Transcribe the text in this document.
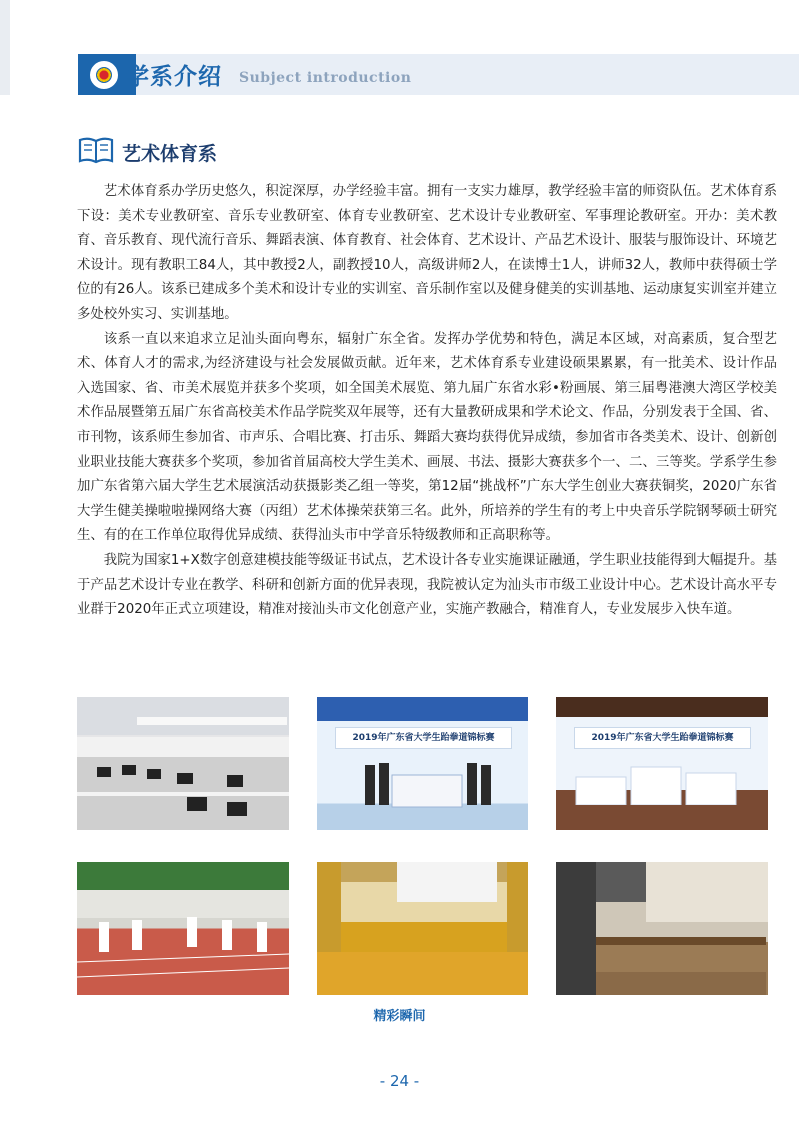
学系介绍 Subject introduction
艺术体育系

艺术体育系办学历史悠久，积淀深厚，办学经验丰富。拥有一支实力雄厚，教学经验丰富的师资队伍。艺术体育系下设：美术专业教研室、音乐专业教研室、体育专业教研室、艺术设计专业教研室、军事理论教研室。开办：美术教育、音乐教育、现代流行音乐、舞蹈表演、体育教育、社会体育、艺术设计、产品艺术设计、服装与服饰设计、环境艺术设计。现有教职工84人，其中教授2人，副教授10人，高级讲师2人，在读博士1人，讲师32人，教师中获得硕士学位的有26人。该系已建成多个美术和设计专业的实训室、音乐制作室以及健身健美的实训基地、运动康复实训室并建立多处校外实习、实训基地。

该系一直以来追求立足汕头面向粤东，辐射广东全省。发挥办学优势和特色，满足本区域，对高素质，复合型艺术、体育人才的需求,为经济建设与社会发展做贡献。近年来，艺术体育系专业建设硕果累累，有一批美术、设计作品入选国家、省、市美术展览并获多个奖项，如全国美术展览、第九届广东省水彩•粉画展、第三届粤港澳大湾区学校美术作品展暨第五届广东省高校美术作品学院奖双年展等，还有大量教研成果和学术论文、作品，分别发表于全国、省、市刊物，该系师生参加省、市声乐、合唱比赛、打击乐、舞蹈大赛均获得优异成绩，参加省市各类美术、设计、创新创业职业技能大赛获多个奖项，参加省首届高校大学生美术、画展、书法、摄影大赛获多个一、二、三等奖。学系学生参加广东省第六届大学生艺术展演活动获摄影类乙组一等奖，第12届“挑战杯”广东大学生创业大赛获铜奖，2020广东省大学生健美操啦啦操网络大赛（丙组）艺术体操荣获第三名。此外，所培养的学生有的考上中央音乐学院钢琴硕士研究生、有的在工作单位取得优异成绩、获得汕头市中学音乐特级教师和正高职称等。

我院为国家1+X数字创意建模技能等级证书试点，艺术设计各专业实施课证融通，学生职业技能得到大幅提升。基于产品艺术设计专业在教学、科研和创新方面的优异表现，我院被认定为汕头市市级工业设计中心。艺术设计高水平专业群于2020年正式立项建设，精准对接汕头市文化创意产业，实施产教融合，精准育人，专业发展步入快车道。

2019年广东省大学生跆拳道锦标赛	2019年广东省大学生跆拳道锦标赛
精彩瞬间
- 24 -
